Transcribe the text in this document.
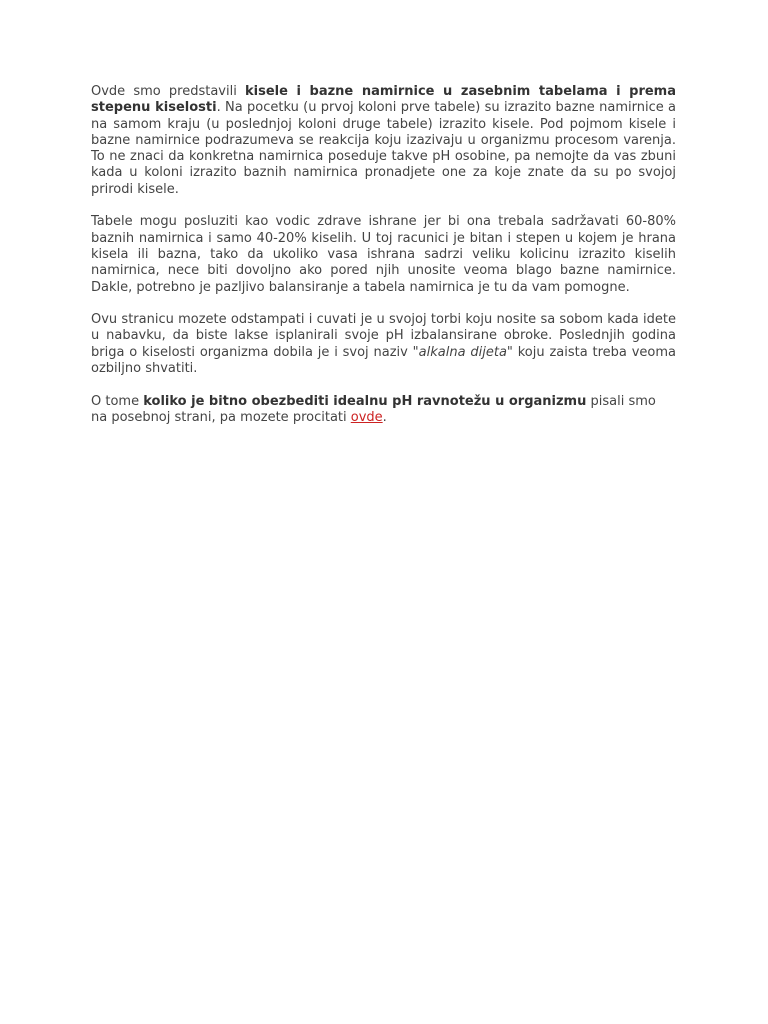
Ovde smo predstavili kisele i bazne namirnice u zasebnim tabelama i prema stepenu kiselosti. Na pocetku (u prvoj koloni prve tabele) su izrazito bazne namirnice a na samom kraju (u poslednjoj koloni druge tabele) izrazito kisele. Pod pojmom kisele i bazne namirnice podrazumeva se reakcija koju izazivaju u organizmu procesom varenja. To ne znaci da konkretna namirnica poseduje takve pH osobine, pa nemojte da vas zbuni kada u koloni izrazito baznih namirnica pronadjete one za koje znate da su po svojoj prirodi kisele.

Tabele mogu posluziti kao vodic zdrave ishrane jer bi ona trebala sadržavati 60-80% baznih namirnica i samo 40-20% kiselih. U toj racunici je bitan i stepen u kojem je hrana kisela ili bazna, tako da ukoliko vasa ishrana sadrzi veliku kolicinu izrazito kiselih namirnica, nece biti dovoljno ako pored njih unosite veoma blago bazne namirnice. Dakle, potrebno je pazljivo balansiranje a tabela namirnica je tu da vam pomogne.

Ovu stranicu mozete odstampati i cuvati je u svojoj torbi koju nosite sa sobom kada idete u nabavku, da biste lakse isplanirali svoje pH izbalansirane obroke. Poslednjih godina briga o kiselosti organizma dobila je i svoj naziv "alkalna dijeta" koju zaista treba veoma ozbiljno shvatiti.

O tome koliko je bitno obezbediti idealnu pH ravnotežu u organizmu pisali smo na posebnoj strani, pa mozete procitati ovde.
